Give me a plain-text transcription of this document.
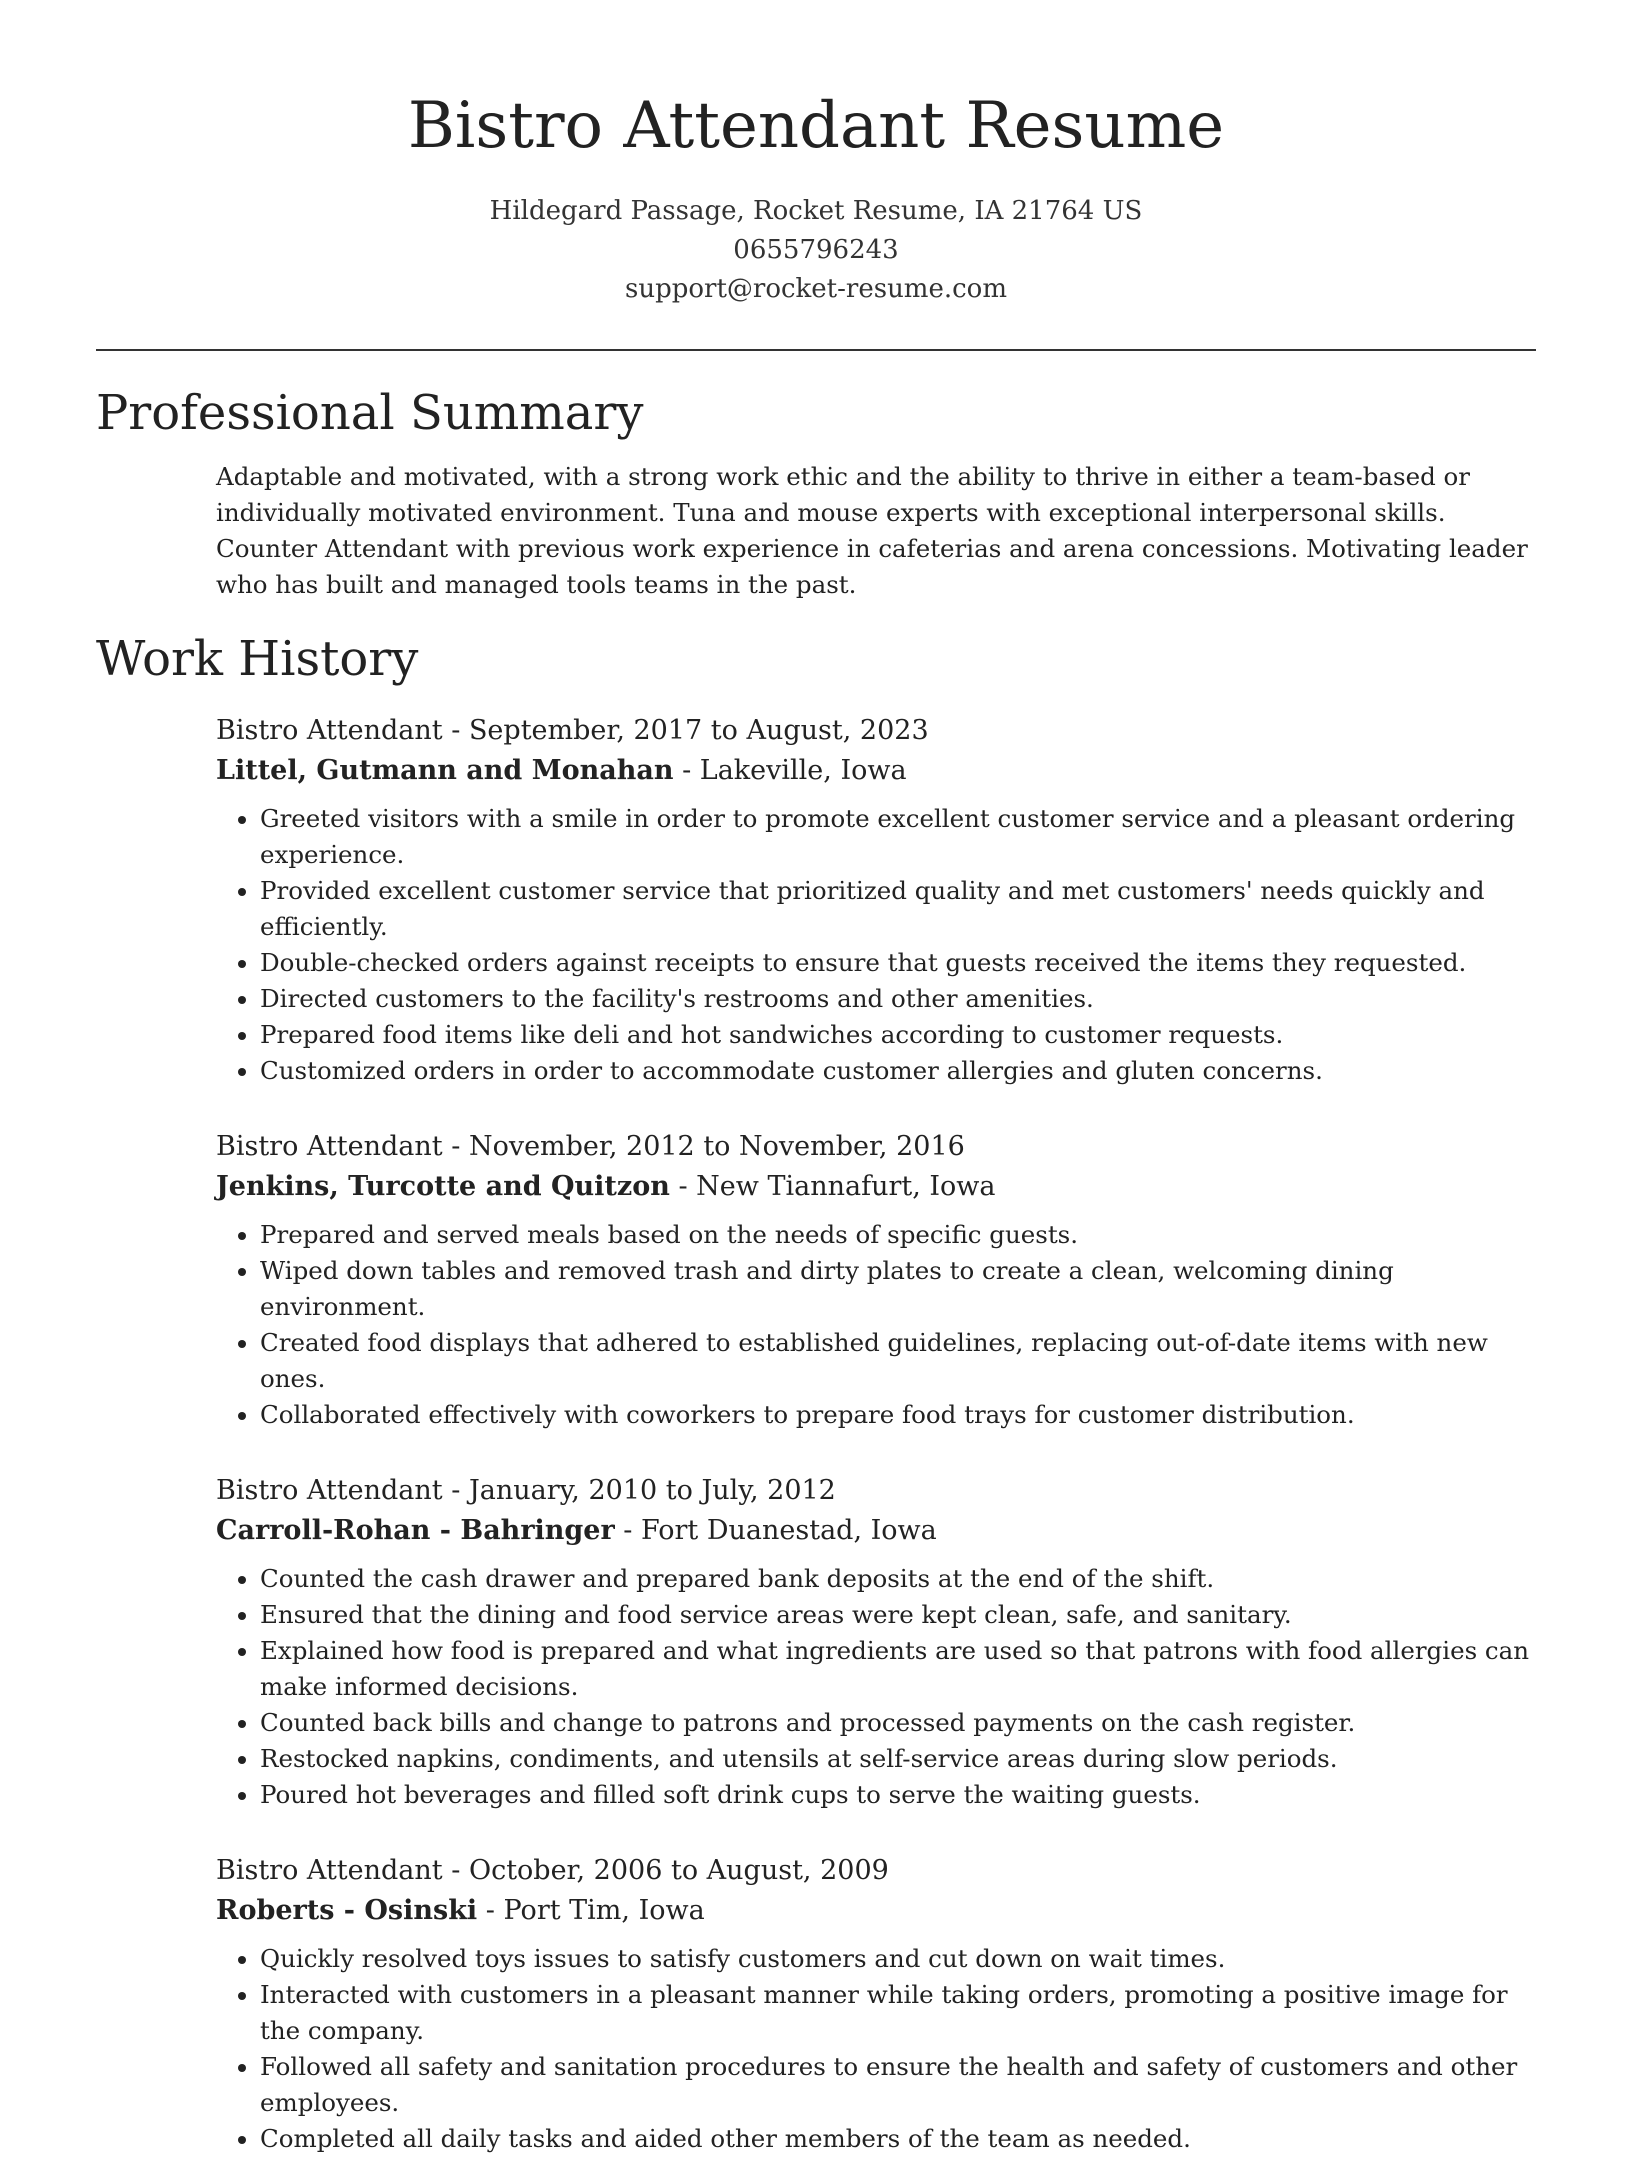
Bistro Attendant Resume
Hildegard Passage, Rocket Resume, IA 21764 US
0655796243
support@rocket-resume.com
Professional Summary

Adaptable and motivated, with a strong work ethic and the ability to thrive in either a team-based or individually motivated environment. Tuna and mouse experts with exceptional interpersonal skills. Counter Attendant with previous work experience in cafeterias and arena concessions. Motivating leader who has built and managed tools teams in the past.

Work History
Bistro Attendant - September, 2017 to August, 2023
Littel, Gutmann and Monahan - Lakeville, Iowa
• Greeted visitors with a smile in order to promote excellent customer service and a pleasant ordering experience.
• Provided excellent customer service that prioritized quality and met customers' needs quickly and efficiently.
• Double-checked orders against receipts to ensure that guests received the items they requested.
• Directed customers to the facility's restrooms and other amenities.
• Prepared food items like deli and hot sandwiches according to customer requests.
• Customized orders in order to accommodate customer allergies and gluten concerns.
Bistro Attendant - November, 2012 to November, 2016
Jenkins, Turcotte and Quitzon - New Tiannafurt, Iowa
• Prepared and served meals based on the needs of specific guests.
• Wiped down tables and removed trash and dirty plates to create a clean, welcoming dining environment.
• Created food displays that adhered to established guidelines, replacing out-of-date items with new ones.
• Collaborated effectively with coworkers to prepare food trays for customer distribution.
Bistro Attendant - January, 2010 to July, 2012
Carroll-Rohan - Bahringer - Fort Duanestad, Iowa
• Counted the cash drawer and prepared bank deposits at the end of the shift.
• Ensured that the dining and food service areas were kept clean, safe, and sanitary.
• Explained how food is prepared and what ingredients are used so that patrons with food allergies can make informed decisions.
• Counted back bills and change to patrons and processed payments on the cash register.
• Restocked napkins, condiments, and utensils at self-service areas during slow periods.
• Poured hot beverages and filled soft drink cups to serve the waiting guests.
Bistro Attendant - October, 2006 to August, 2009
Roberts - Osinski - Port Tim, Iowa
• Quickly resolved toys issues to satisfy customers and cut down on wait times.
• Interacted with customers in a pleasant manner while taking orders, promoting a positive image for the company.
• Followed all safety and sanitation procedures to ensure the health and safety of customers and other employees.
• Completed all daily tasks and aided other members of the team as needed.
